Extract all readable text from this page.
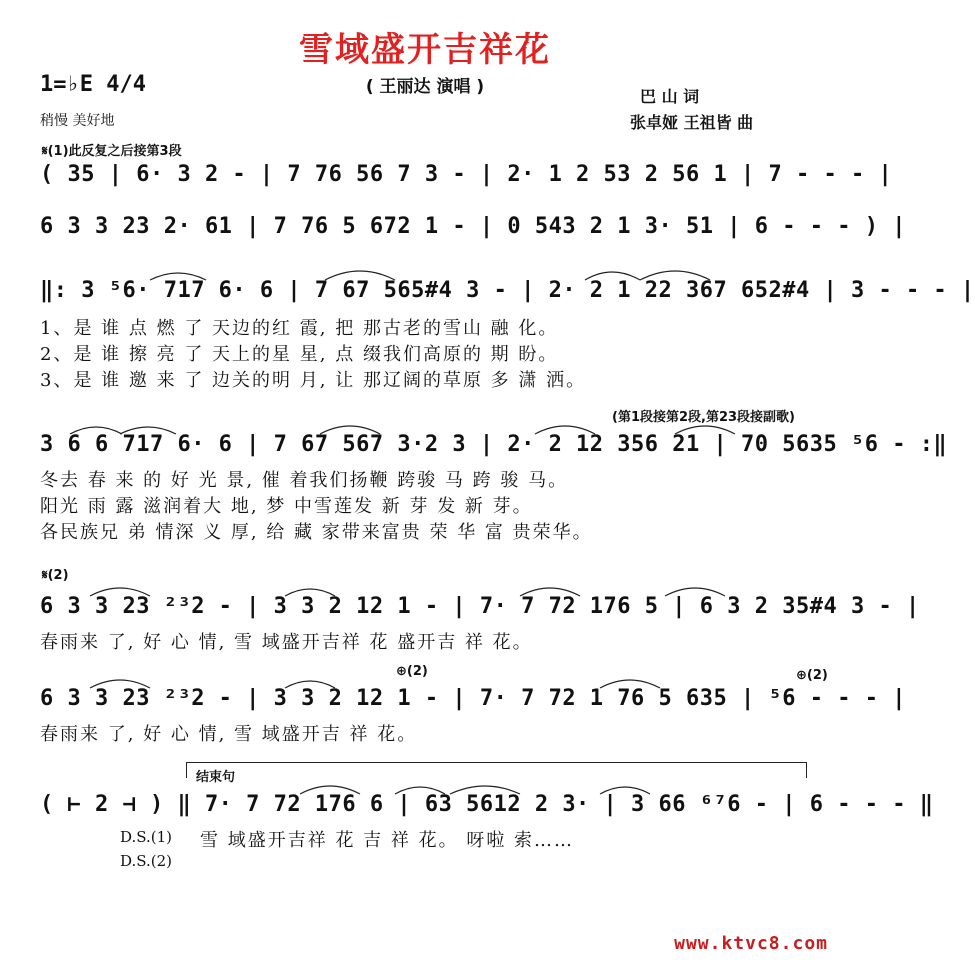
雪域盛开吉祥花
( 王丽达 演唱 )
1=♭E 4/4
稍慢 美好地
巴 山 词
张卓娅 王祖皆 曲
𝄋(1)此反复之后接第3段
( 35 | 6· 3 2 - | 7 76 56 7 3 - | 2· 1 2 53 2 56 1 | 7 - - - |
6 3 3 23 2· 61 | 7 76 5 672 1 - | 0 543 2 1 3· 51 | 6 - - - ) |
‖: 3 ⁵6· 717 6· 6 | 7 67 565#4 3 - | 2· 2 1 22 367 652#4 | 3 - - - |
1、是 谁 点 燃 了 天边的红 霞, 把 那古老的雪山 融 化。
2、是 谁 擦 亮 了 天上的星 星, 点 缀我们高原的 期 盼。
3、是 谁 邀 来 了 边关的明 月, 让 那辽阔的草原 多 潇 洒。
(第1段接第2段,第23段接副歌)
3 6 6 717 6· 6 | 7 67 567 3·2 3 | 2· 2 12 356 21 | 70 5635 ⁵6 - :‖
冬去 春 来 的 好 光 景, 催 着我们扬鞭 跨骏 马 跨 骏 马。
阳光 雨 露 滋润着大 地, 梦 中雪莲发 新 芽 发 新 芽。
各民族兄 弟 情深 义 厚, 给 藏 家带来富贵 荣 华 富 贵荣华。
𝄋(2)
6 3 3 23 ²³2 - | 3 3 2 12 1 - | 7· 7 72 176 5 | 6 3 2 35#4 3 - |
春雨来 了, 好 心 情, 雪 域盛开吉祥 花 盛开吉 祥 花。
⊕(2)	⊕(2)
6 3 3 23 ²³2 - | 3 3 2 12 1 - | 7· 7 72 1 76 5 635 | ⁵6 - - - |
春雨来 了, 好 心 情, 雪 域盛开吉 祥 花。
结束句
( ⊢ 2 ⊣ ) ‖ 7· 7 72 176 6 | 63 5612 2 3· | 3 66 ⁶⁷6 - | 6 - - - ‖
雪 域盛开吉祥 花 吉 祥 花。 呀啦 索……
D.S.(1)
D.S.(2)
www.ktvc8.com
